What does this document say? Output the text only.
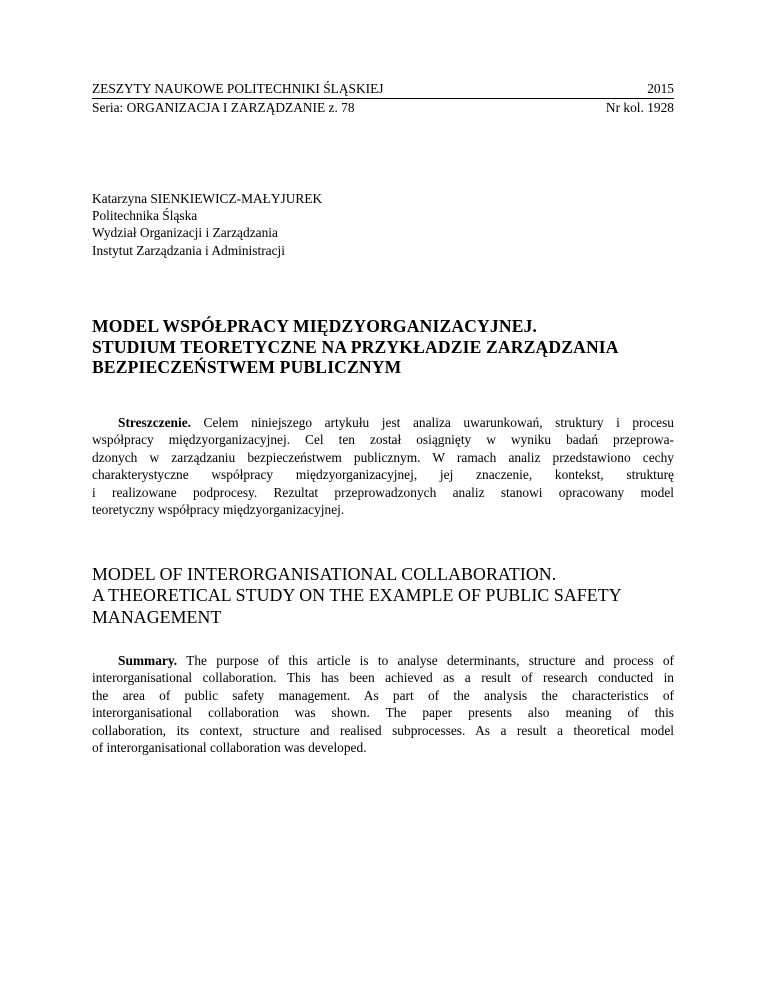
ZESZYTY NAUKOWE POLITECHNIKI ŚLĄSKIEJ	2015
Seria: ORGANIZACJA I ZARZĄDZANIE z. 78	Nr kol. 1928
Katarzyna SIENKIEWICZ-MAŁYJUREK
Politechnika Śląska
Wydział Organizacji i Zarządzania
Instytut Zarządzania i Administracji
MODEL WSPÓŁPRACY MIĘDZYORGANIZACYJNEJ.
STUDIUM TEORETYCZNE NA PRZYKŁADZIE ZARZĄDZANIA
BEZPIECZEŃSTWEM PUBLICZNYM
Streszczenie. Celem niniejszego artykułu jest analiza uwarunkowań, struktury i procesu
współpracy międzyorganizacyjnej. Cel ten został osiągnięty w wyniku badań przeprowa-
dzonych w zarządzaniu bezpieczeństwem publicznym. W ramach analiz przedstawiono cechy
charakterystyczne współpracy międzyorganizacyjnej, jej znaczenie, kontekst, strukturę
i realizowane podprocesy. Rezultat przeprowadzonych analiz stanowi opracowany model
teoretyczny współpracy międzyorganizacyjnej.
MODEL OF INTERORGANISATIONAL COLLABORATION.
A THEORETICAL STUDY ON THE EXAMPLE OF PUBLIC SAFETY
MANAGEMENT
Summary. The purpose of this article is to analyse determinants, structure and process of
interorganisational collaboration. This has been achieved as a result of research conducted in
the area of public safety management. As part of the analysis the characteristics of
interorganisational collaboration was shown. The paper presents also meaning of this
collaboration, its context, structure and realised subprocesses. As a result a theoretical model
of interorganisational collaboration was developed.
